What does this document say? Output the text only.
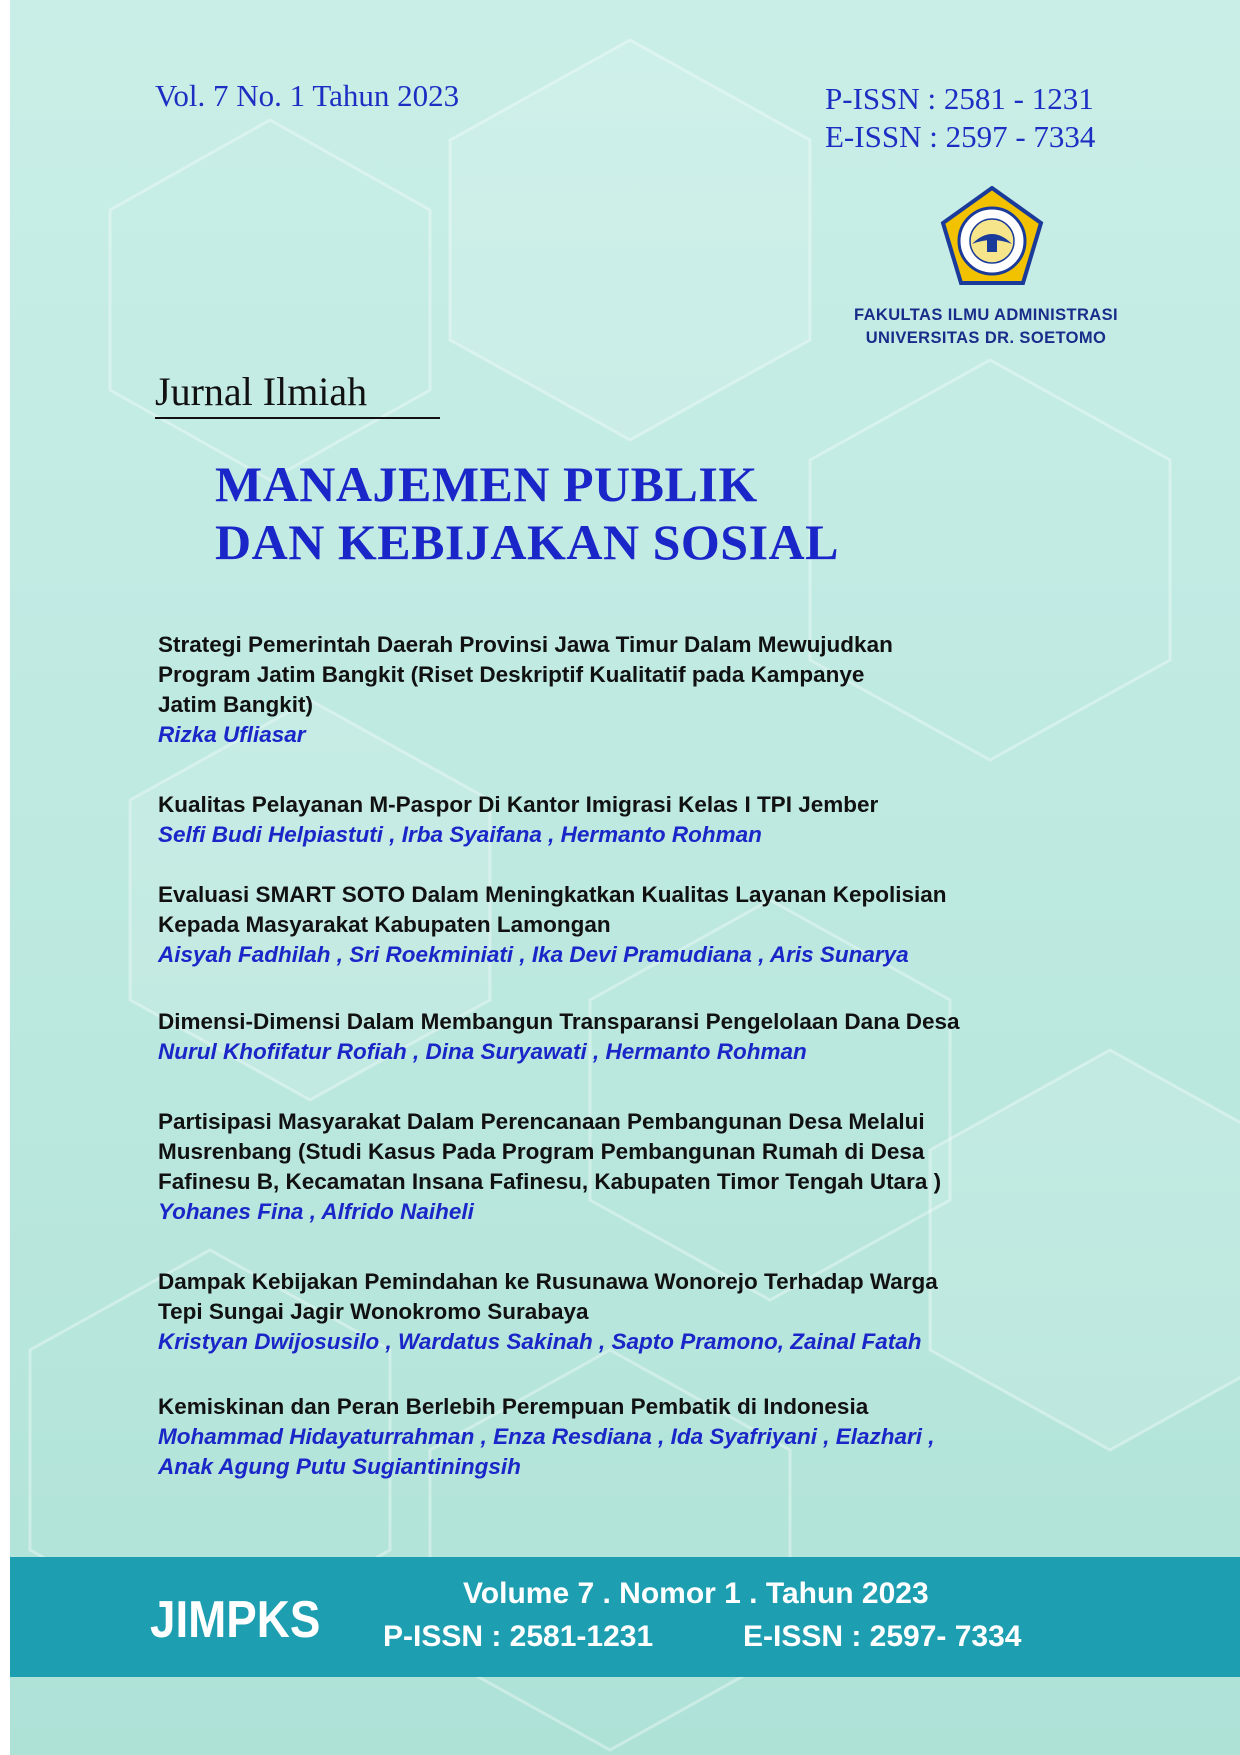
Vol. 7 No. 1 Tahun 2023	P-ISSN : 2581 - 1231
E-ISSN : 2597 - 7334
FAKULTAS ILMU ADMINISTRASI
UNIVERSITAS DR. SOETOMO
Jurnal Ilmiah
MANAJEMEN PUBLIK
DAN KEBIJAKAN SOSIAL
Strategi Pemerintah Daerah Provinsi Jawa Timur Dalam Mewujudkan
Program Jatim Bangkit (Riset Deskriptif Kualitatif pada Kampanye
Jatim Bangkit)
Rizka Ufliasar
Kualitas Pelayanan M-Paspor Di Kantor Imigrasi Kelas I TPI Jember
Selfi Budi Helpiastuti , Irba Syaifana , Hermanto Rohman
Evaluasi SMART SOTO Dalam Meningkatkan Kualitas Layanan Kepolisian
Kepada Masyarakat Kabupaten Lamongan
Aisyah Fadhilah , Sri Roekminiati , Ika Devi Pramudiana , Aris Sunarya
Dimensi-Dimensi Dalam Membangun Transparansi Pengelolaan Dana Desa
Nurul Khofifatur Rofiah , Dina Suryawati , Hermanto Rohman
Partisipasi Masyarakat Dalam Perencanaan Pembangunan Desa Melalui
Musrenbang (Studi Kasus Pada Program Pembangunan Rumah di Desa
Fafinesu B, Kecamatan Insana Fafinesu, Kabupaten Timor Tengah Utara )
Yohanes Fina , Alfrido Naiheli
Dampak Kebijakan Pemindahan ke Rusunawa Wonorejo Terhadap Warga
Tepi Sungai Jagir Wonokromo Surabaya
Kristyan Dwijosusilo , Wardatus Sakinah , Sapto Pramono, Zainal Fatah
Kemiskinan dan Peran Berlebih Perempuan Pembatik di Indonesia
Mohammad Hidayaturrahman , Enza Resdiana , Ida Syafriyani , Elazhari ,
Anak Agung Putu Sugiantiningsih
JIMPKS	Volume 7 . Nomor 1 . Tahun 2023
P-ISSN : 2581-1231	E-ISSN : 2597- 7334
